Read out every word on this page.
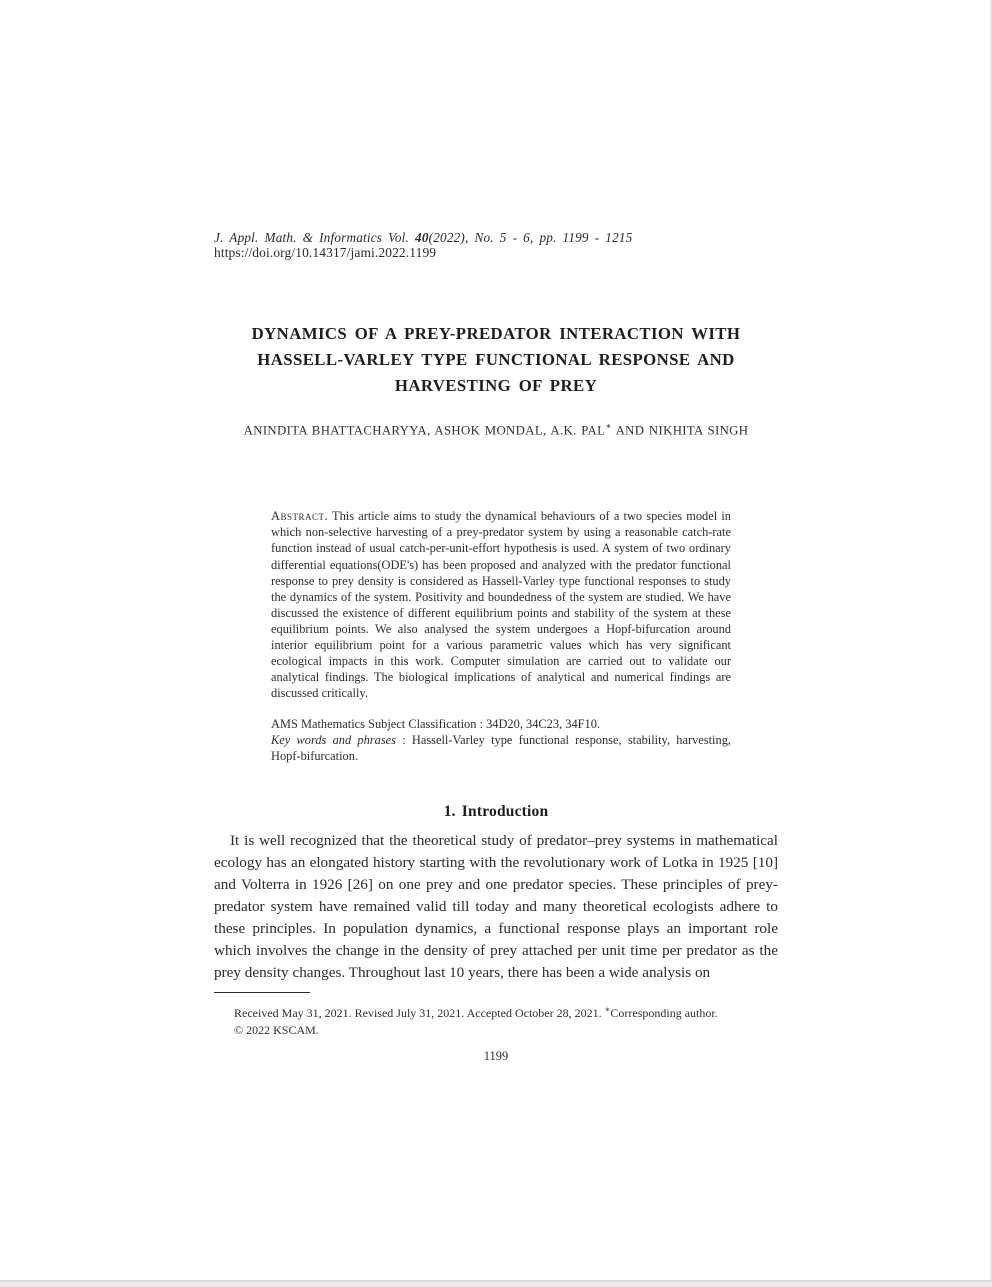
J. Appl. Math. & Informatics Vol. 40(2022), No. 5 - 6, pp. 1199 - 1215
https://doi.org/10.14317/jami.2022.1199
DYNAMICS OF A PREY-PREDATOR INTERACTION WITH
HASSELL-VARLEY TYPE FUNCTIONAL RESPONSE AND
HARVESTING OF PREY
ANINDITA BHATTACHARYYA, ASHOK MONDAL, A.K. PAL∗ AND NIKHITA SINGH
Abstract. This article aims to study the dynamical behaviours of a two species model in which non-selective harvesting of a prey-predator system by using a reasonable catch-rate function instead of usual catch-per-unit-effort hypothesis is used. A system of two ordinary differential equations(ODE's) has been proposed and analyzed with the predator functional response to prey density is considered as Hassell-Varley type functional responses to study the dynamics of the system. Positivity and boundedness of the system are studied. We have discussed the existence of different equilibrium points and stability of the system at these equilibrium points. We also analysed the system undergoes a Hopf-bifurcation around interior equilibrium point for a various parametric values which has very significant ecological impacts in this work. Computer simulation are carried out to validate our analytical findings. The biological implications of analytical and numerical findings are discussed critically.
AMS Mathematics Subject Classification : 34D20, 34C23, 34F10.
Key words and phrases : Hassell-Varley type functional response, stability, harvesting, Hopf-bifurcation.
1. Introduction
It is well recognized that the theoretical study of predator–prey systems in mathematical ecology has an elongated history starting with the revolutionary work of Lotka in 1925 [10] and Volterra in 1926 [26] on one prey and one predator species. These principles of prey- predator system have remained valid till today and many theoretical ecologists adhere to these principles. In population dynamics, a functional response plays an important role which involves the change in the density of prey attached per unit time per predator as the prey density changes. Throughout last 10 years, there has been a wide analysis on
Received May 31, 2021. Revised July 31, 2021. Accepted October 28, 2021. ∗Corresponding author.
© 2022 KSCAM.
1199
